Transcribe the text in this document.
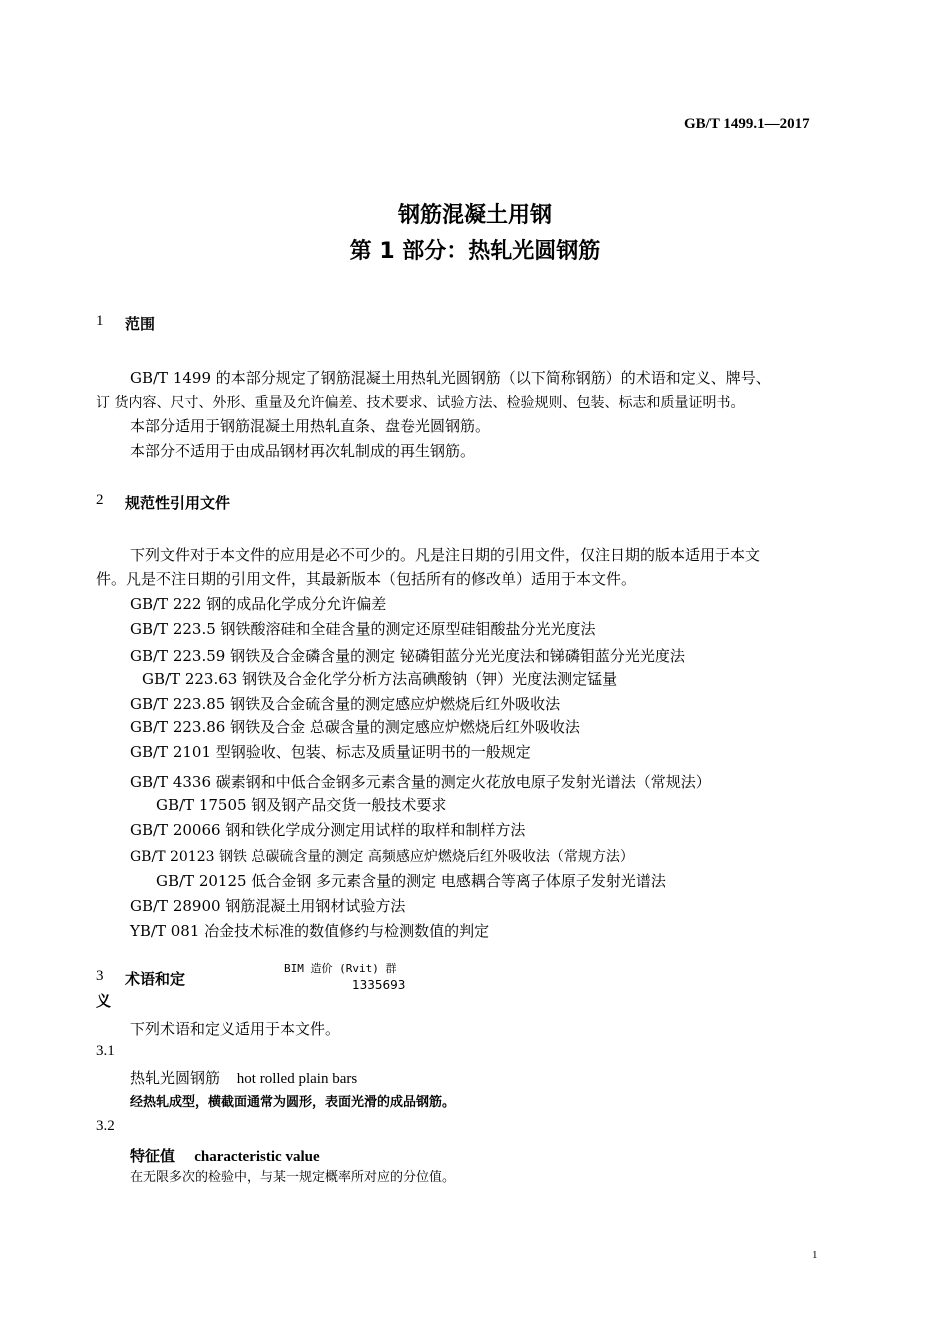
GB/T 1499.1—2017
钢筋混凝土用钢
第 1 部分：热轧光圆钢筋
1 范围
GB/T 1499 的本部分规定了钢筋混凝土用热轧光圆钢筋（以下简称钢筋）的术语和定义、牌号、
订 货内容、尺寸、外形、重量及允许偏差、技术要求、试验方法、检验规则、包装、标志和质量证明书。
本部分适用于钢筋混凝土用热轧直条、盘卷光圆钢筋。
本部分不适用于由成品钢材再次轧制成的再生钢筋。
2 规范性引用文件
下列文件对于本文件的应用是必不可少的。凡是注日期的引用文件，仅注日期的版本适用于本文
件。凡是不注日期的引用文件，其最新版本（包括所有的修改单）适用于本文件。
GB/T 222 钢的成品化学成分允许偏差
GB/T 223.5 钢铁酸溶硅和全硅含量的测定还原型硅钼酸盐分光光度法
GB/T 223.59 钢铁及合金磷含量的测定 铋磷钼蓝分光光度法和锑磷钼蓝分光光度法
GB/T 223.63 钢铁及合金化学分析方法高碘酸钠（钾）光度法测定锰量
GB/T 223.85 钢铁及合金硫含量的测定感应炉燃烧后红外吸收法
GB/T 223.86 钢铁及合金 总碳含量的测定感应炉燃烧后红外吸收法
GB/T 2101 型钢验收、包装、标志及质量证明书的一般规定
GB/T 4336 碳素钢和中低合金钢多元素含量的测定火花放电原子发射光谱法（常规法）
GB/T 17505 钢及钢产品交货一般技术要求
GB/T 20066 钢和铁化学成分测定用试样的取样和制样方法
GB/T 20123 钢铁 总碳硫含量的测定 高频感应炉燃烧后红外吸收法（常规方法）
GB/T 20125 低合金钢 多元素含量的测定 电感耦合等离子体原子发射光谱法
GB/T 28900 钢筋混凝土用钢材试验方法
YB/T 081 冶金技术标准的数值修约与检测数值的判定
3 术语和定
义
BIM 造价 (Rvit) 群
1335693
下列术语和定义适用于本文件。
3.1
热轧光圆钢筋 hot rolled plain bars
经热轧成型，横截面通常为圆形，表面光滑的成品钢筋。
3.2
特征值 characteristic value
在无限多次的检验中，与某一规定概率所对应的分位值。
1
